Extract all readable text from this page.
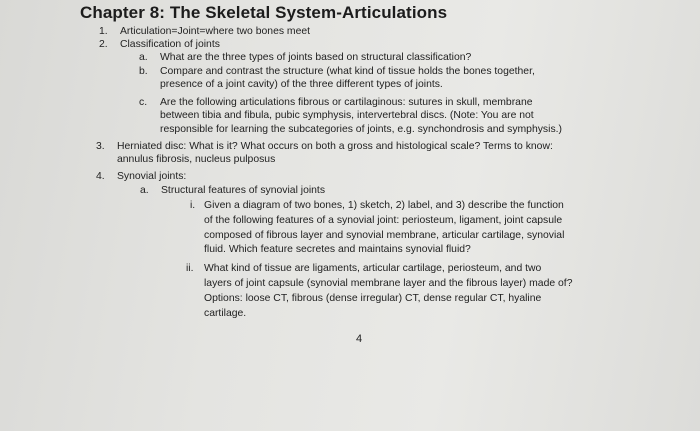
Chapter 8: The Skeletal System-Articulations
1. Articulation=Joint=where two bones meet
2. Classification of joints
a. What are the three types of joints based on structural classification?
b. Compare and contrast the structure (what kind of tissue holds the bones together,
presence of a joint cavity) of the three different types of joints.
c. Are the following articulations fibrous or cartilaginous: sutures in skull, membrane
between tibia and fibula, pubic symphysis, intervertebral discs. (Note: You are not
responsible for learning the subcategories of joints, e.g. synchondrosis and symphysis.)
3. Herniated disc: What is it? What occurs on both a gross and histological scale? Terms to know:
annulus fibrosis, nucleus pulposus
4. Synovial joints:
a. Structural features of synovial joints
i. Given a diagram of two bones, 1) sketch, 2) label, and 3) describe the function
of the following features of a synovial joint: periosteum, ligament, joint capsule
composed of fibrous layer and synovial membrane, articular cartilage, synovial
fluid. Which feature secretes and maintains synovial fluid?
ii. What kind of tissue are ligaments, articular cartilage, periosteum, and two
layers of joint capsule (synovial membrane layer and the fibrous layer) made of?
Options: loose CT, fibrous (dense irregular) CT, dense regular CT, hyaline
cartilage.
4
